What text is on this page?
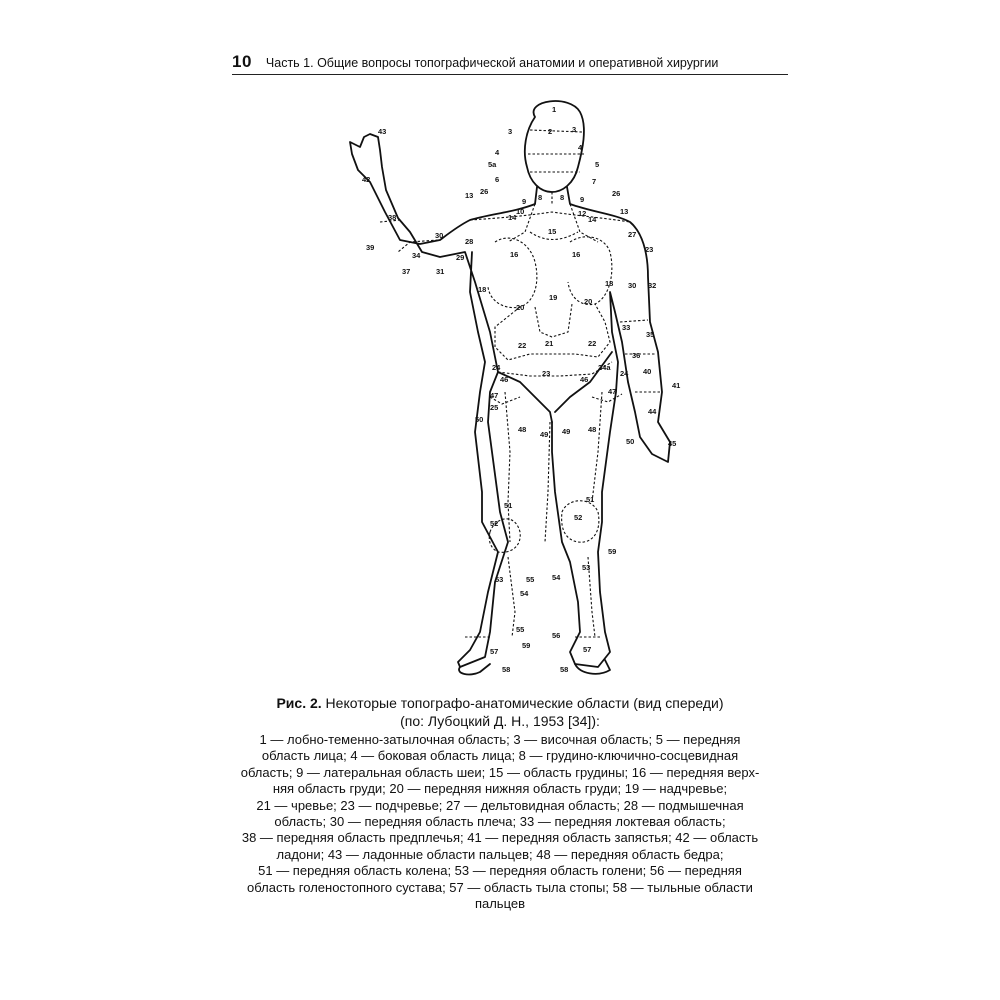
10 Часть 1. Общие вопросы топографической анатомии и оперативной хирургии
1
2
3	3
4
4
5а	5
6	7
8 8
9	9
13
13
26	26
10	12
14	14
15
16	16
18
18
19
20
20
21
22	22
23
24	24а
24
46	46
25
50
48
49 49 48
50
47	47
28
27
23
29
30
30 32
31
33
35
36
37
38
40
39
34
41
42
43
44
45
51
52
52
51
59
53
53
55 54
54
55
56
57	57
59
58	58
Рис. 2. Некоторые топографо-анатомические области (вид спереди)
(по: Лубоцкий Д. Н., 1953 [34]):
1 — лобно-теменно-затылочная область; 3 — височная область; 5 — передняя
область лица; 4 — боковая область лица; 8 — грудино-ключично-сосцевидная
область; 9 — латеральная область шеи; 15 — область грудины; 16 — передняя верх-
няя область груди; 20 — передняя нижняя область груди; 19 — надчревье;
21 — чревье; 23 — подчревье; 27 — дельтовидная область; 28 — подмышечная
область; 30 — передняя область плеча; 33 — передняя локтевая область;
38 — передняя область предплечья; 41 — передняя область запястья; 42 — область
ладони; 43 — ладонные области пальцев; 48 — передняя область бедра;
51 — передняя область колена; 53 — передняя область голени; 56 — передняя
область голеностопного сустава; 57 — область тыла стопы; 58 — тыльные области
пальцев
